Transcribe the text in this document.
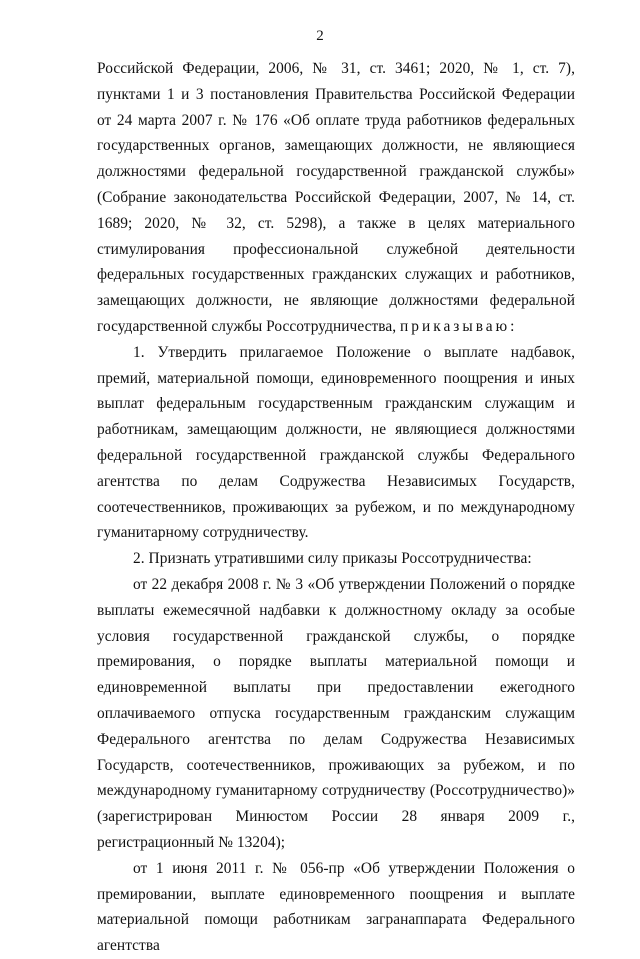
2

Российской Федерации, 2006, № 31, ст. 3461; 2020, № 1, ст. 7), пунктами 1 и 3 постановления Правительства Российской Федерации от 24 марта 2007 г. № 176 «Об оплате труда работников федеральных государственных органов, замещающих должности, не являющиеся должностями федеральной государственной гражданской службы» (Собрание законодательства Российской Федерации, 2007, № 14, ст. 1689; 2020, № 32, ст. 5298), а также в целях материального стимулирования профессиональной служебной деятельности федеральных государственных гражданских служащих и работников, замещающих должности, не являющие должностями федеральной государственной службы Россотрудничества, приказываю:

1. Утвердить прилагаемое Положение о выплате надбавок, премий, материальной помощи, единовременного поощрения и иных выплат федеральным государственным гражданским служащим и работникам, замещающим должности, не являющиеся должностями федеральной государственной гражданской службы Федерального агентства по делам Содружества Независимых Государств, соотечественников, проживающих за рубежом, и по международному гуманитарному сотрудничеству.

2. Признать утратившими силу приказы Россотрудничества:

от 22 декабря 2008 г. № 3 «Об утверждении Положений о порядке выплаты ежемесячной надбавки к должностному окладу за особые условия государственной гражданской службы, о порядке премирования, о порядке выплаты материальной помощи и единовременной выплаты при предоставлении ежегодного оплачиваемого отпуска государственным гражданским служащим Федерального агентства по делам Содружества Независимых Государств, соотечественников, проживающих за рубежом, и по международному гуманитарному сотрудничеству (Россотрудничество)» (зарегистрирован Минюстом России 28 января 2009 г., регистрационный № 13204);

от 1 июня 2011 г. № 056-пр «Об утверждении Положения о премировании, выплате единовременного поощрения и выплате материальной помощи работникам загранаппарата Федерального агентства
